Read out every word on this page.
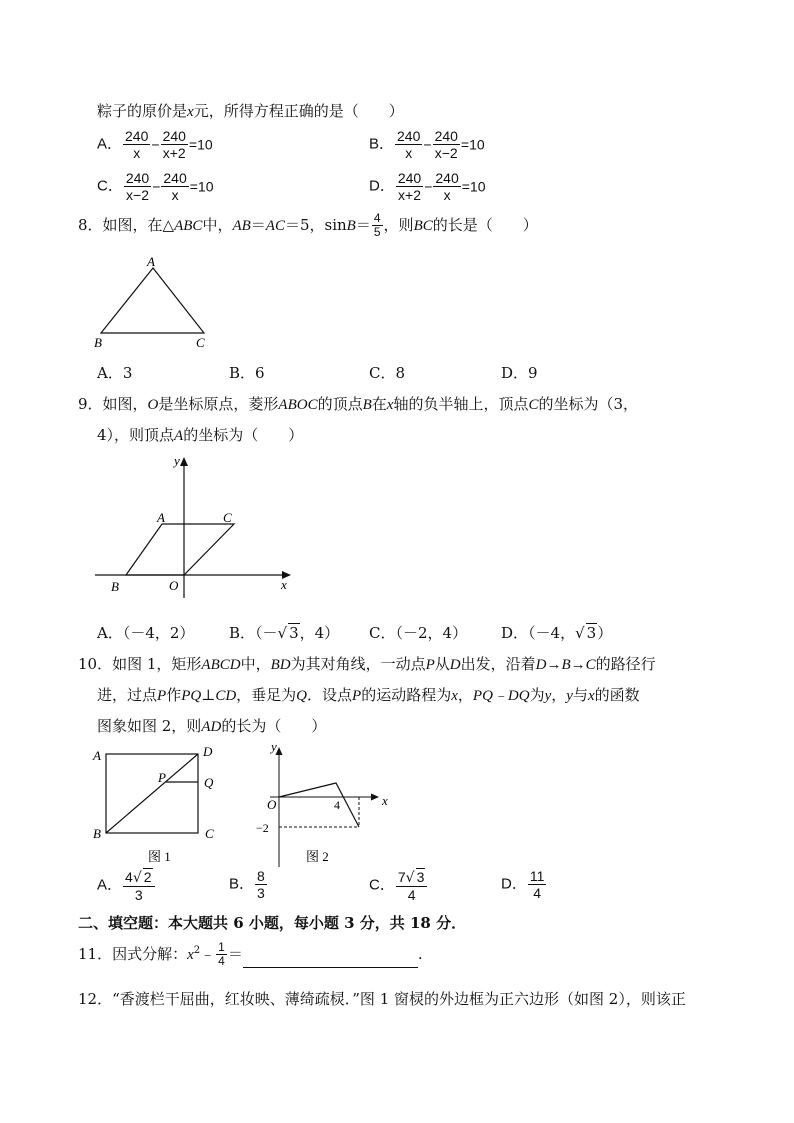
粽子的原价是x元，所得方程正确的是（　　）
A． $\frac{240}{x} - \frac{240}{x+2} =10$	B． $\frac{240}{x} - \frac{240}{x-2} =10$
C． $\frac{240}{x-2} - \frac{240}{x} =10$	D． $\frac{240}{x+2} - \frac{240}{x} =10$
8．如图，在△ABC中，AB＝AC＝5，$\sin B= \frac{4}{5}$ ，则BC的长是（　　）
A
B	C
A．3	B．6	C．8	D．9
9．如图，O是坐标原点，菱形ABOC的顶点B在x轴的负半轴上，顶点C的坐标为（3，
4），则顶点A的坐标为（　　）
y
x
A	C
B	O
A．（－4，2） B．（－√ 3，4） C．（－2，4） D．（－4，√ 3）
10．如图 1，矩形ABCD中，BD为其对角线，一动点P从D出发，沿着D→B→C的路径行
进，过点P作PQ⊥CD，垂足为Q．设点P的运动路程为x，PQ﹣DQ为y，y与x的函数
图象如图 2，则AD的长为（　　）
A	D
P	Q
B	C
图 1
y
x
O	4
−2
图 2
A． $\frac{4√ 2}{3}$	B． $\frac{8}{3}$	C． $\frac{7√ 3}{4}$	D． $\frac{11}{4}$
二、填空题：本大题共 6 小题，每小题 3 分，共 18 分．
11．因式分解：$x^2﹣ \frac{1}{4}$ ＝	.
12．“香渡栏干屈曲，红妆映、薄绮疏棂．”图 1 窗棂的外边框为正六边形（如图 2），则该正
